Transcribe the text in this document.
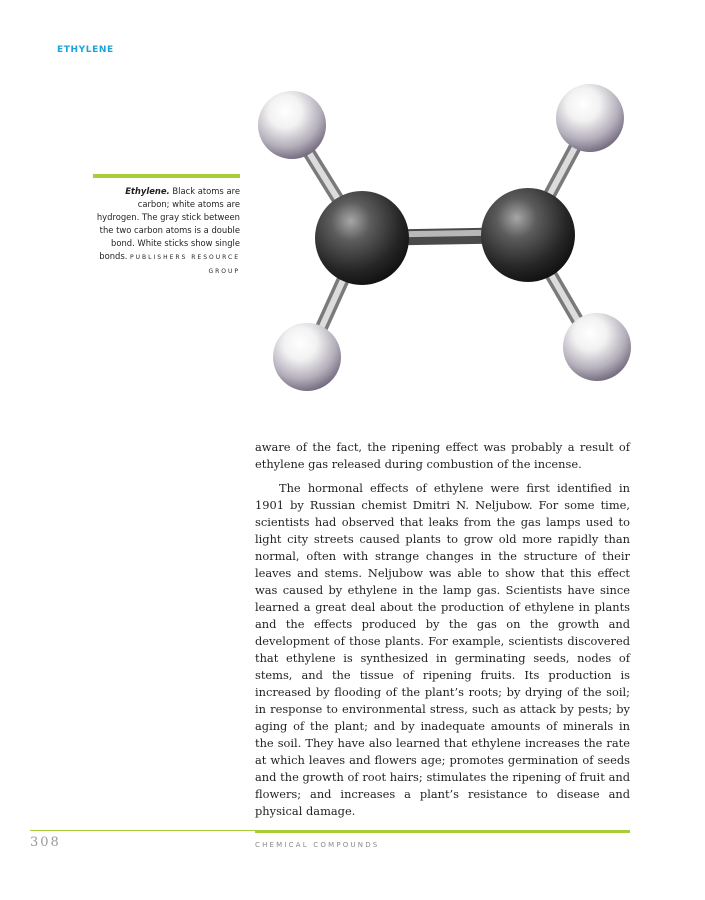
ETHYLENE
Ethylene. Black atoms are carbon; white atoms are hydrogen. The gray stick between the two carbon atoms is a double bond. White sticks show single bonds. PUBLISHERS RESOURCE GROUP

aware of the fact, the ripening effect was probably a result of ethylene gas released during combustion of the incense.

The hormonal effects of ethylene were first identified in 1901 by Russian chemist Dmitri N. Neljubow. For some time, scientists had observed that leaks from the gas lamps used to light city streets caused plants to grow old more rapidly than normal, often with strange changes in the structure of their leaves and stems. Neljubow was able to show that this effect was caused by ethylene in the lamp gas. Scientists have since learned a great deal about the production of ethylene in plants and the effects produced by the gas on the growth and development of those plants. For example, scientists discovered that ethylene is synthesized in germinating seeds, nodes of stems, and the tissue of ripening fruits. Its production is increased by flooding of the plant’s roots; by drying of the soil; in response to environmental stress, such as attack by pests; by aging of the plant; and by inadequate amounts of minerals in the soil. They have also learned that ethylene increases the rate at which leaves and flowers age; promotes germination of seeds and the growth of root hairs; stimulates the ripening of fruit and flowers; and increases a plant’s resistance to disease and physical damage.

308	CHEMICAL COMPOUNDS
